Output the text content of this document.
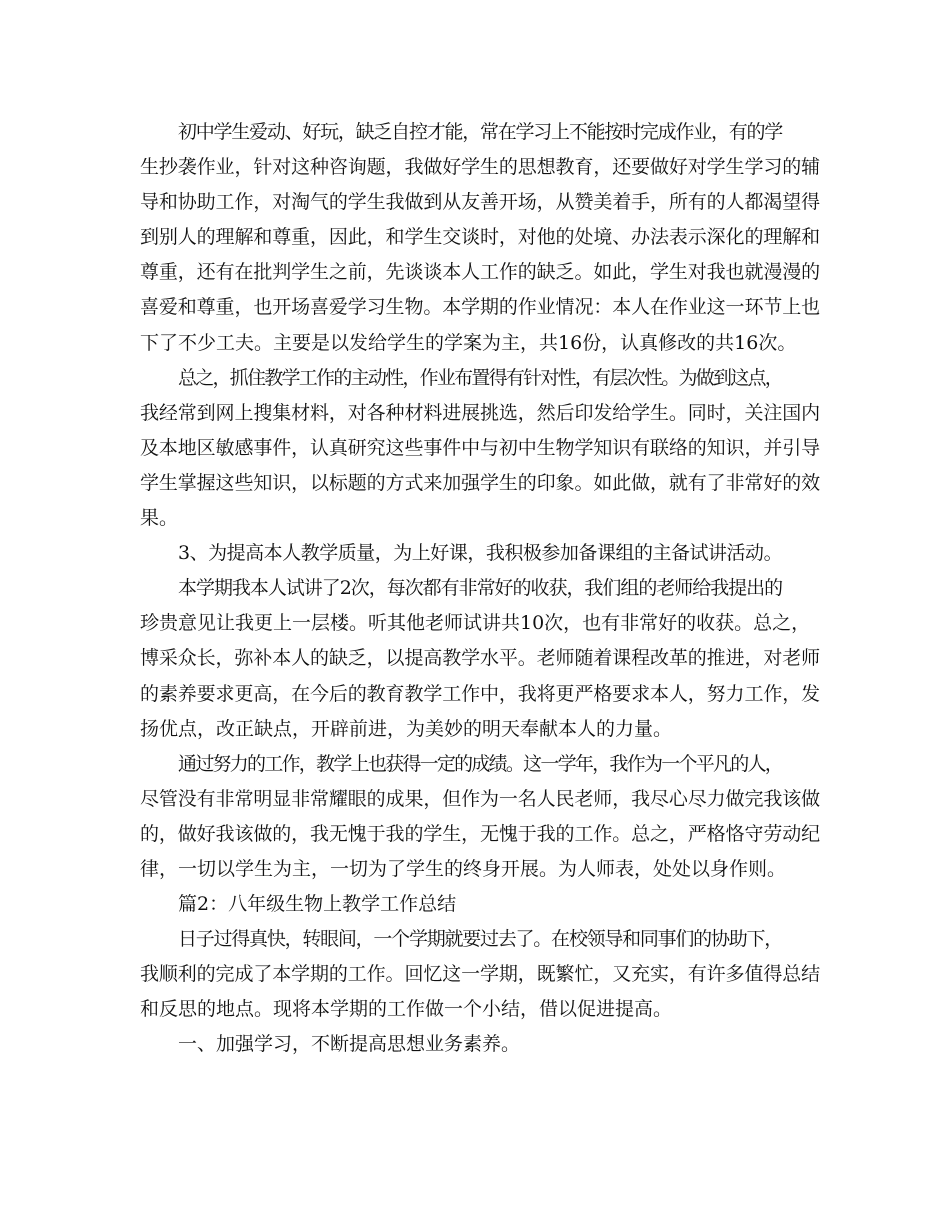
初中学生爱动、好玩，缺乏自控才能，常在学习上不能按时完成作业，有的学
生抄袭作业，针对这种咨询题，我做好学生的思想教育，还要做好对学生学习的辅
导和协助工作，对淘气的学生我做到从友善开场，从赞美着手，所有的人都渴望得
到别人的理解和尊重，因此，和学生交谈时，对他的处境、办法表示深化的理解和
尊重，还有在批判学生之前，先谈谈本人工作的缺乏。如此，学生对我也就漫漫的
喜爱和尊重，也开场喜爱学习生物。本学期的作业情况：本人在作业这一环节上也
下了不少工夫。主要是以发给学生的学案为主，共16份，认真修改的共16次。

总之，抓住教学工作的主动性，作业布置得有针对性，有层次性。为做到这点，
我经常到网上搜集材料，对各种材料进展挑选，然后印发给学生。同时，关注国内
及本地区敏感事件，认真研究这些事件中与初中生物学知识有联络的知识，并引导
学生掌握这些知识，以标题的方式来加强学生的印象。如此做，就有了非常好的效
果。

3、为提高本人教学质量，为上好课，我积极参加备课组的主备试讲活动。

本学期我本人试讲了2次，每次都有非常好的收获，我们组的老师给我提出的
珍贵意见让我更上一层楼。听其他老师试讲共10次，也有非常好的收获。总之，
博采众长，弥补本人的缺乏，以提高教学水平。老师随着课程改革的推进，对老师
的素养要求更高，在今后的教育教学工作中，我将更严格要求本人，努力工作，发
扬优点，改正缺点，开辟前进，为美妙的明天奉献本人的力量。

通过努力的工作，教学上也获得一定的成绩。这一学年，我作为一个平凡的人，
尽管没有非常明显非常耀眼的成果，但作为一名人民老师，我尽心尽力做完我该做
的，做好我该做的，我无愧于我的学生，无愧于我的工作。总之，严格恪守劳动纪
律，一切以学生为主，一切为了学生的终身开展。为人师表，处处以身作则。

篇2：八年级生物上教学工作总结

日子过得真快，转眼间，一个学期就要过去了。在校领导和同事们的协助下，
我顺利的完成了本学期的工作。回忆这一学期，既繁忙，又充实，有许多值得总结
和反思的地点。现将本学期的工作做一个小结，借以促进提高。

一、加强学习，不断提高思想业务素养。
